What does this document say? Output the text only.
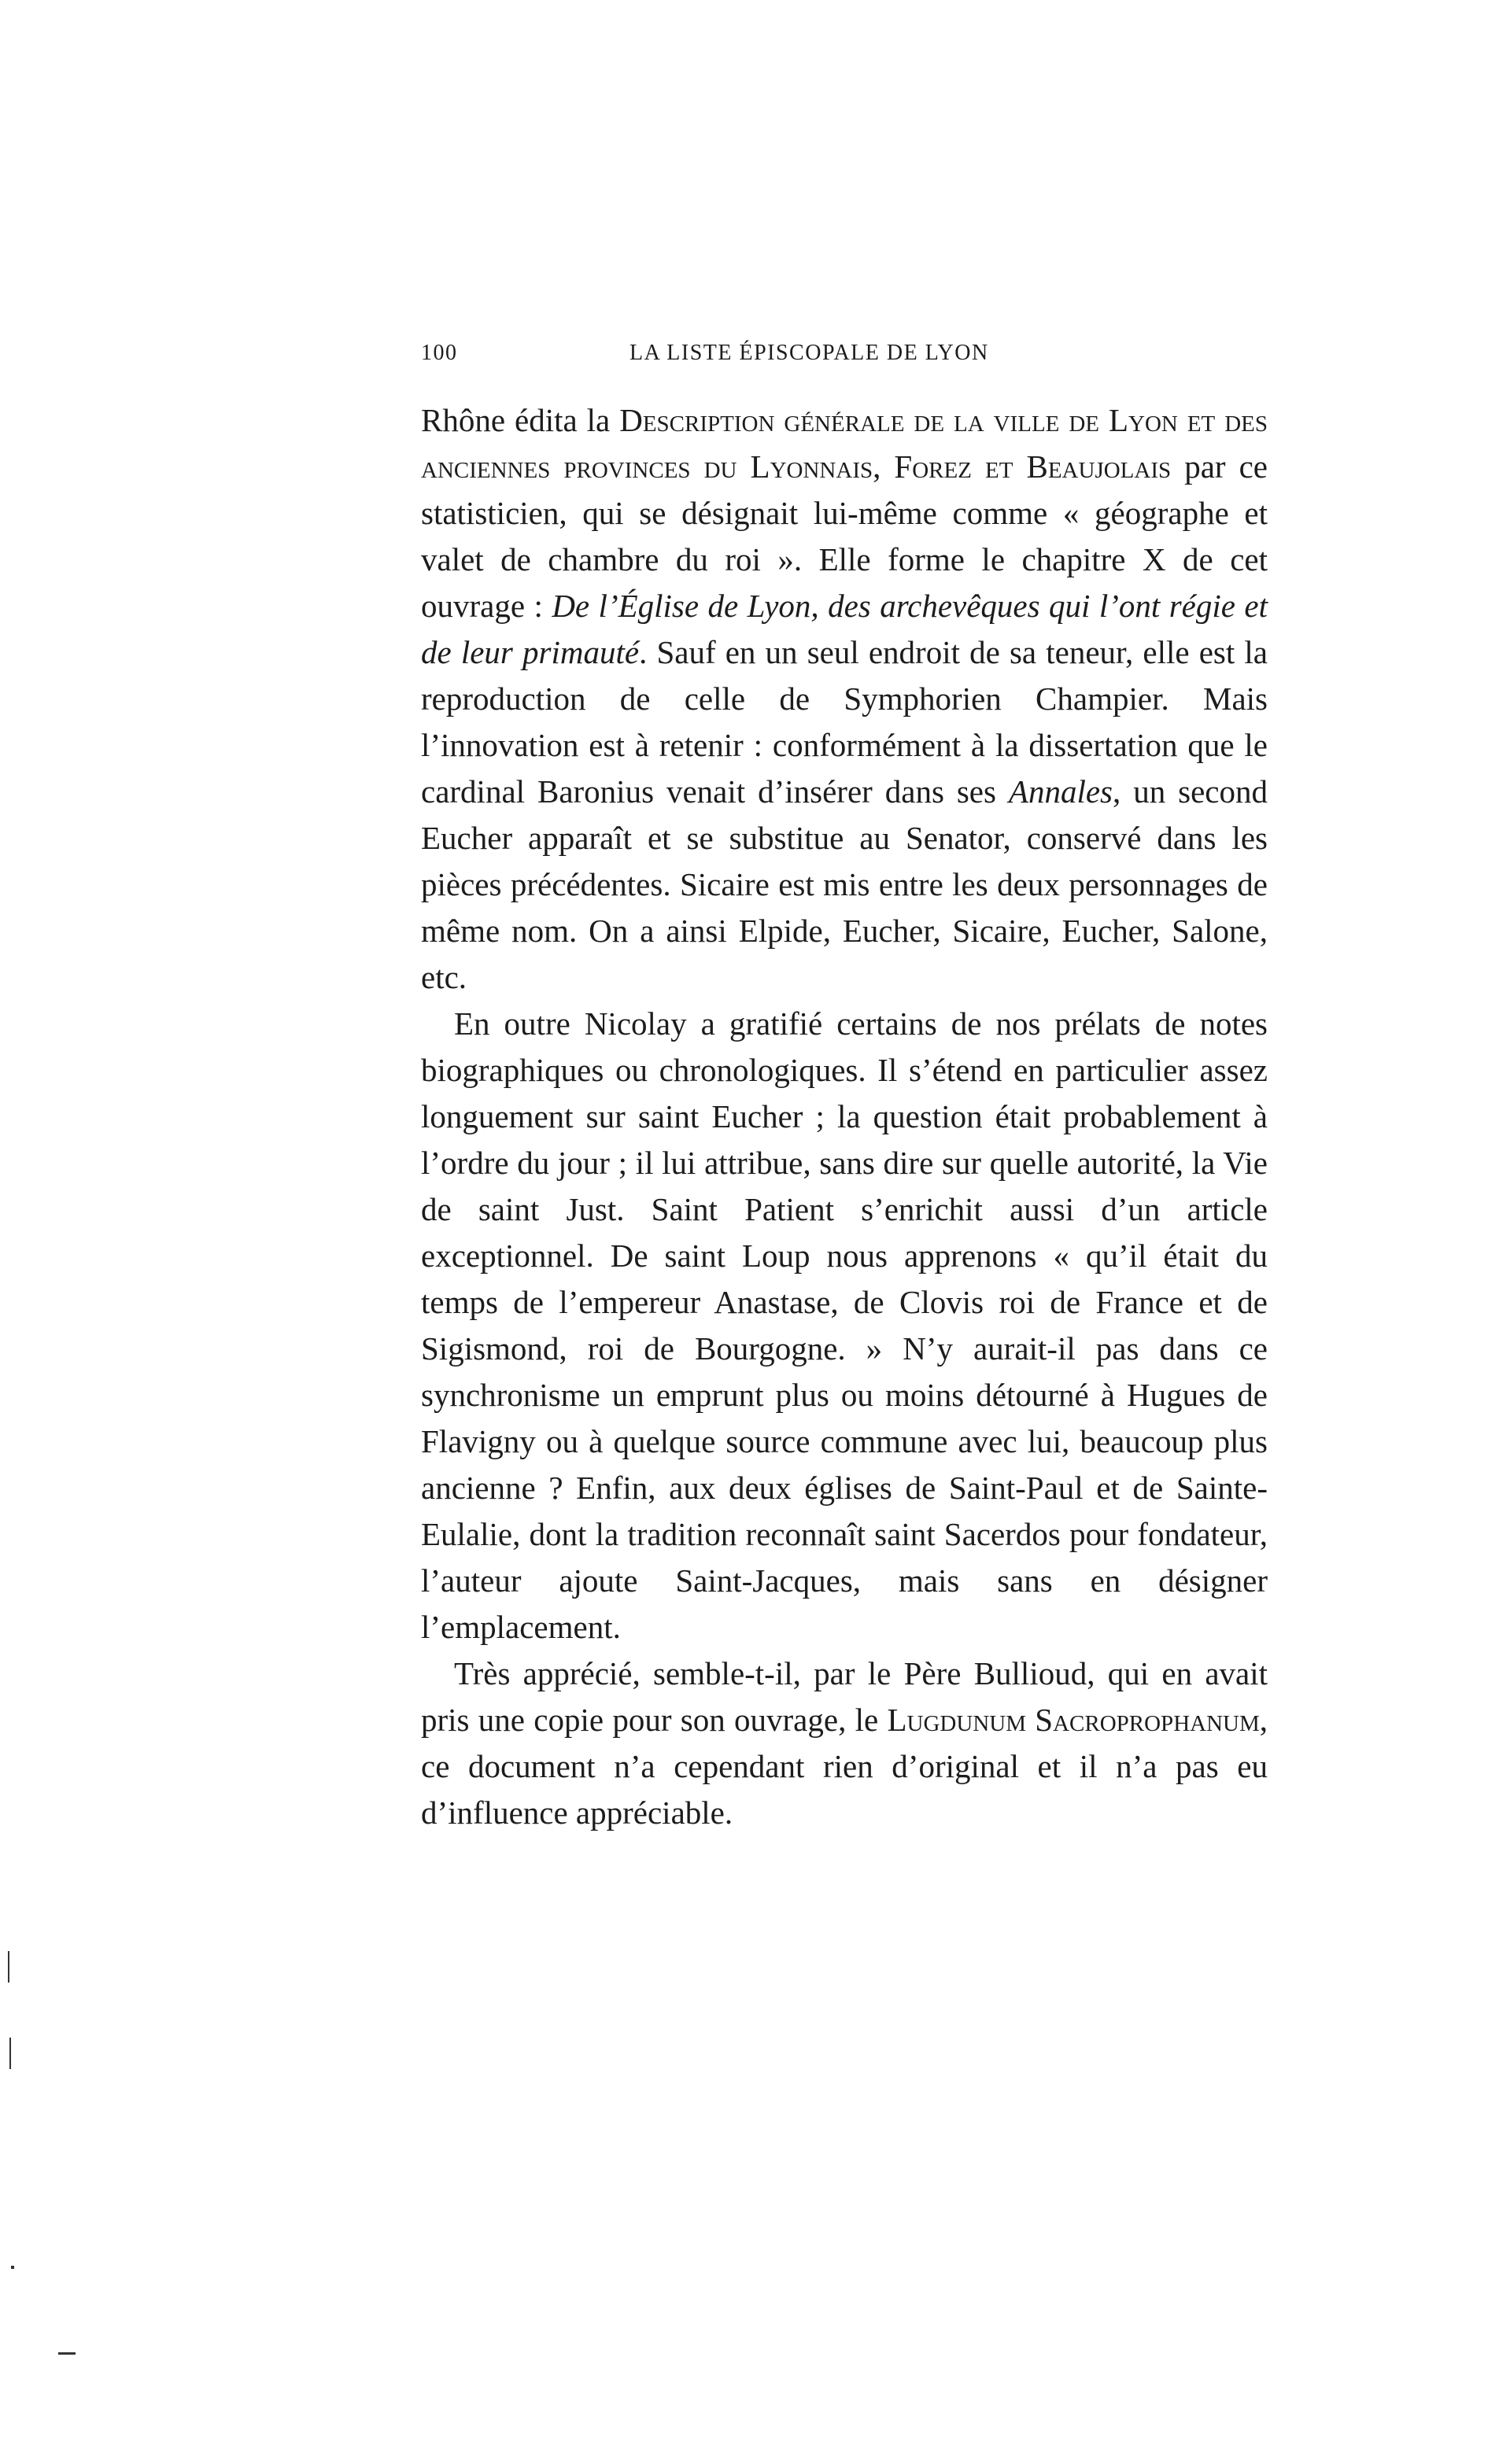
100	LA LISTE ÉPISCOPALE DE LYON

Rhône édita la Description générale de la ville de Lyon et des anciennes provinces du Lyonnais, Forez et Beaujolais par ce statisticien, qui se désignait lui-même comme « géographe et valet de chambre du roi ». Elle forme le chapitre X de cet ouvrage : De l’Église de Lyon, des archevêques qui l’ont régie et de leur primauté. Sauf en un seul endroit de sa teneur, elle est la reproduction de celle de Symphorien Champier. Mais l’innovation est à retenir : conformément à la dissertation que le cardinal Baronius venait d’insérer dans ses Annales, un second Eucher apparaît et se substitue au Senator, conservé dans les pièces précédentes. Sicaire est mis entre les deux personnages de même nom. On a ainsi Elpide, Eucher, Sicaire, Eucher, Salone, etc.

En outre Nicolay a gratifié certains de nos prélats de notes biographiques ou chronologiques. Il s’étend en particulier assez longuement sur saint Eucher ; la question était probablement à l’ordre du jour ; il lui attribue, sans dire sur quelle autorité, la Vie de saint Just. Saint Patient s’enrichit aussi d’un article exceptionnel. De saint Loup nous apprenons « qu’il était du temps de l’empereur Anastase, de Clovis roi de France et de Sigismond, roi de Bourgogne. » N’y aurait-il pas dans ce synchronisme un emprunt plus ou moins détourné à Hugues de Flavigny ou à quelque source commune avec lui, beaucoup plus ancienne ? Enfin, aux deux églises de Saint-Paul et de Sainte-Eulalie, dont la tradition reconnaît saint Sacerdos pour fondateur, l’auteur ajoute Saint-Jacques, mais sans en désigner l’emplacement.

Très apprécié, semble-t-il, par le Père Bullioud, qui en avait pris une copie pour son ouvrage, le Lugdunum Sacroprophanum, ce document n’a cependant rien d’original et il n’a pas eu d’influence appréciable.
